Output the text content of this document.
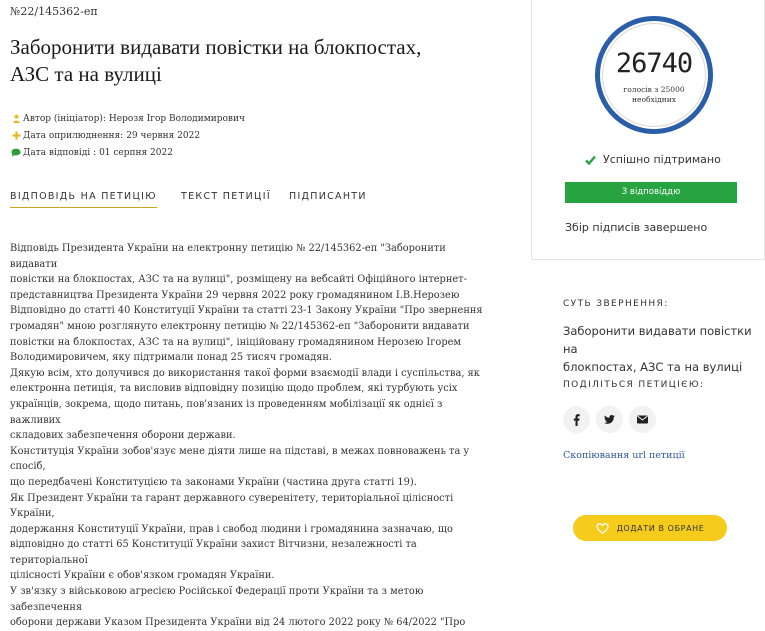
№22/145362-еп
Заборонити видавати повістки на блокпостах,
АЗС та на вулиці
Автор (ініціатор): Нерозя Ігор Володимирович
Дата оприлюднення: 29 червня 2022
Дата відповіді : 01 серпня 2022
ВІДПОВІДЬ НА ПЕТИЦІЮ	ТЕКСТ ПЕТИЦІЇ ПІДПИСАНТИ

Відповідь Президента України на електронну петицію № 22/145362-еп "Заборонити видавати

повістки на блокпостах, АЗС та на вулиці", розміщену на вебсайті Офіційного інтернет-

представництва Президента України 29 червня 2022 року громадянином І.В.Нерозею

Відповідно до статті 40 Конституції України та статті 23-1 Закону України "Про звернення

громадян" мною розглянуто електронну петицію № 22/145362-еп "Заборонити видавати

повістки на блокпостах, АЗС та на вулиці", ініційовану громадянином Нерозею Ігорем

Володимировичем, яку підтримали понад 25 тисяч громадян.

Дякую всім, хто долучився до використання такої форми взаємодії влади і суспільства, як

електронна петиція, та висловив відповідну позицію щодо проблем, які турбують усіх

українців, зокрема, щодо питань, пов'язаних із проведенням мобілізації як однієї з важливих

складових забезпечення оборони держави.

Конституція України зобов'язує мене діяти лише на підставі, в межах повноважень та у спосіб,

що передбачені Конституцією та законами України (частина друга статті 19).

Як Президент України та гарант державного суверенітету, територіальної цілісності України,

додержання Конституції України, прав і свобод людини і громадянина зазначаю, що

відповідно до статті 65 Конституції України захист Вітчизни, незалежності та територіальної

цілісності України є обов'язком громадян України.

У зв'язку з військовою агресією Російської Федерації проти України та з метою забезпечення

оборони держави Указом Президента України від 24 лютого 2022 року № 64/2022 "Про

26740
голосів з 25000
необхідних
Успішно підтримано
З відповіддю
Збір підписів завершено
СУТЬ ЗВЕРНЕННЯ:
Заборонити видавати повістки на
блокпостах, АЗС та на вулиці
ПОДІЛІТЬСЯ ПЕТИЦІЄЮ:
Скопіювання url петиції
ДОДАТИ В ОБРАНЕ
